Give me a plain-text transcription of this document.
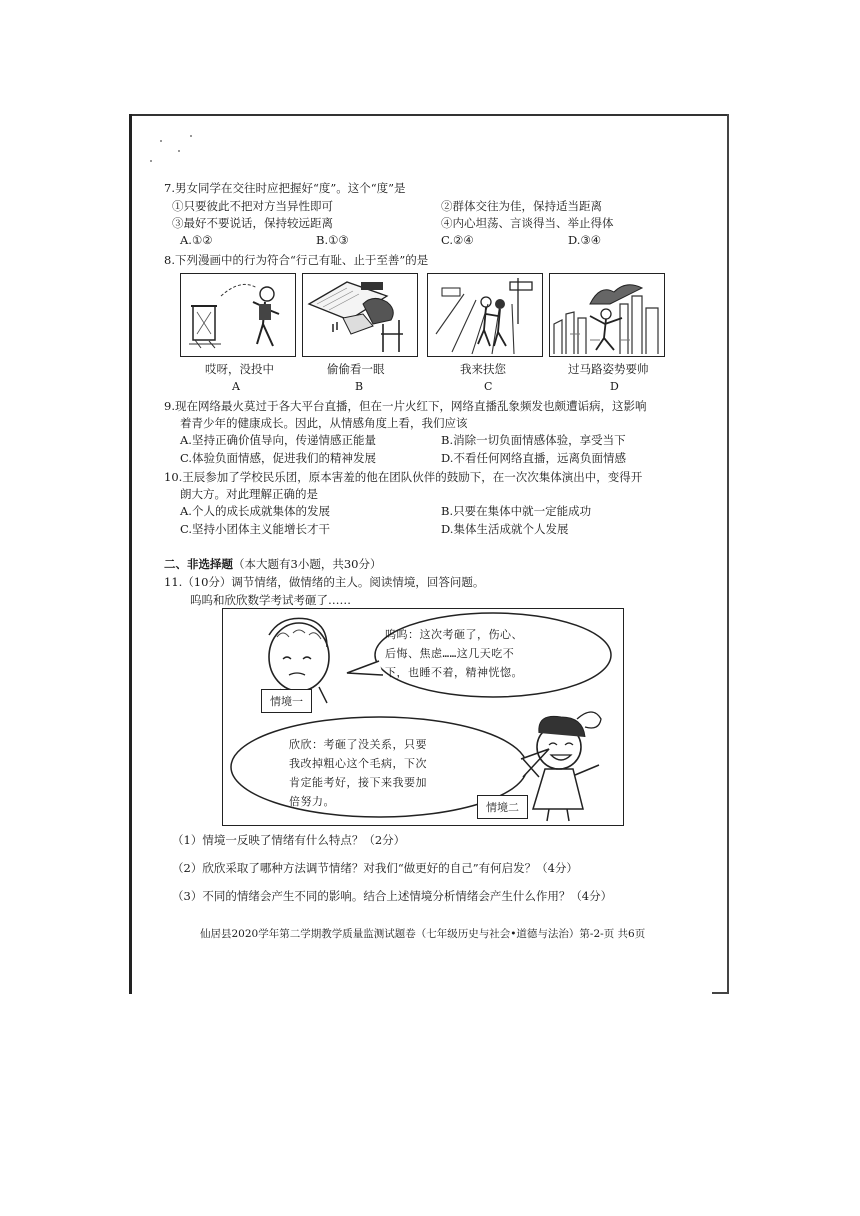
7.男女同学在交往时应把握好“度”。这个“度”是
①只要彼此不把对方当异性即可	②群体交往为佳，保持适当距离
③最好不要说话，保持较远距离	④内心坦荡、言谈得当、举止得体
A.①②	B.①③	C.②④	D.③④
8.下列漫画中的行为符合“行己有耻、止于至善”的是
哎呀，没投中
A
偷偷看一眼
B
我来扶您
C
过马路姿势要帅
D
9.现在网络最火莫过于各大平台直播，但在一片火红下，网络直播乱象频发也颇遭诟病，这影响
着青少年的健康成长。因此，从情感角度上看，我们应该
A.坚持正确价值导向，传递情感正能量	B.消除一切负面情感体验，享受当下
C.体验负面情感，促进我们的精神发展	D.不看任何网络直播，远离负面情感
10.王辰参加了学校民乐团，原本害羞的他在团队伙伴的鼓励下，在一次次集体演出中，变得开
朗大方。对此理解正确的是
A.个人的成长成就集体的发展	B.只要在集体中就一定能成功
C.坚持小团体主义能增长才干	D.集体生活成就个人发展
二、非选择题（本大题有3小题，共30分）
11.（10分）调节情绪，做情绪的主人。阅读情境，回答问题。
呜呜和欣欣数学考试考砸了……
呜呜：这次考砸了，伤心、
后悔、焦虑……这几天吃不
下，也睡不着，精神恍惚。
情境一
欣欣：考砸了没关系，只要
我改掉粗心这个毛病，下次
肯定能考好，接下来我要加
倍努力。	情境二
（1）情境一反映了情绪有什么特点？（2分）
（2）欣欣采取了哪种方法调节情绪？对我们“做更好的自己”有何启发？（4分）
（3）不同的情绪会产生不同的影响。结合上述情境分析情绪会产生什么作用？（4分）
仙居县2020学年第二学期教学质量监测试题卷（七年级历史与社会•道德与法治）第-2-页 共6页
